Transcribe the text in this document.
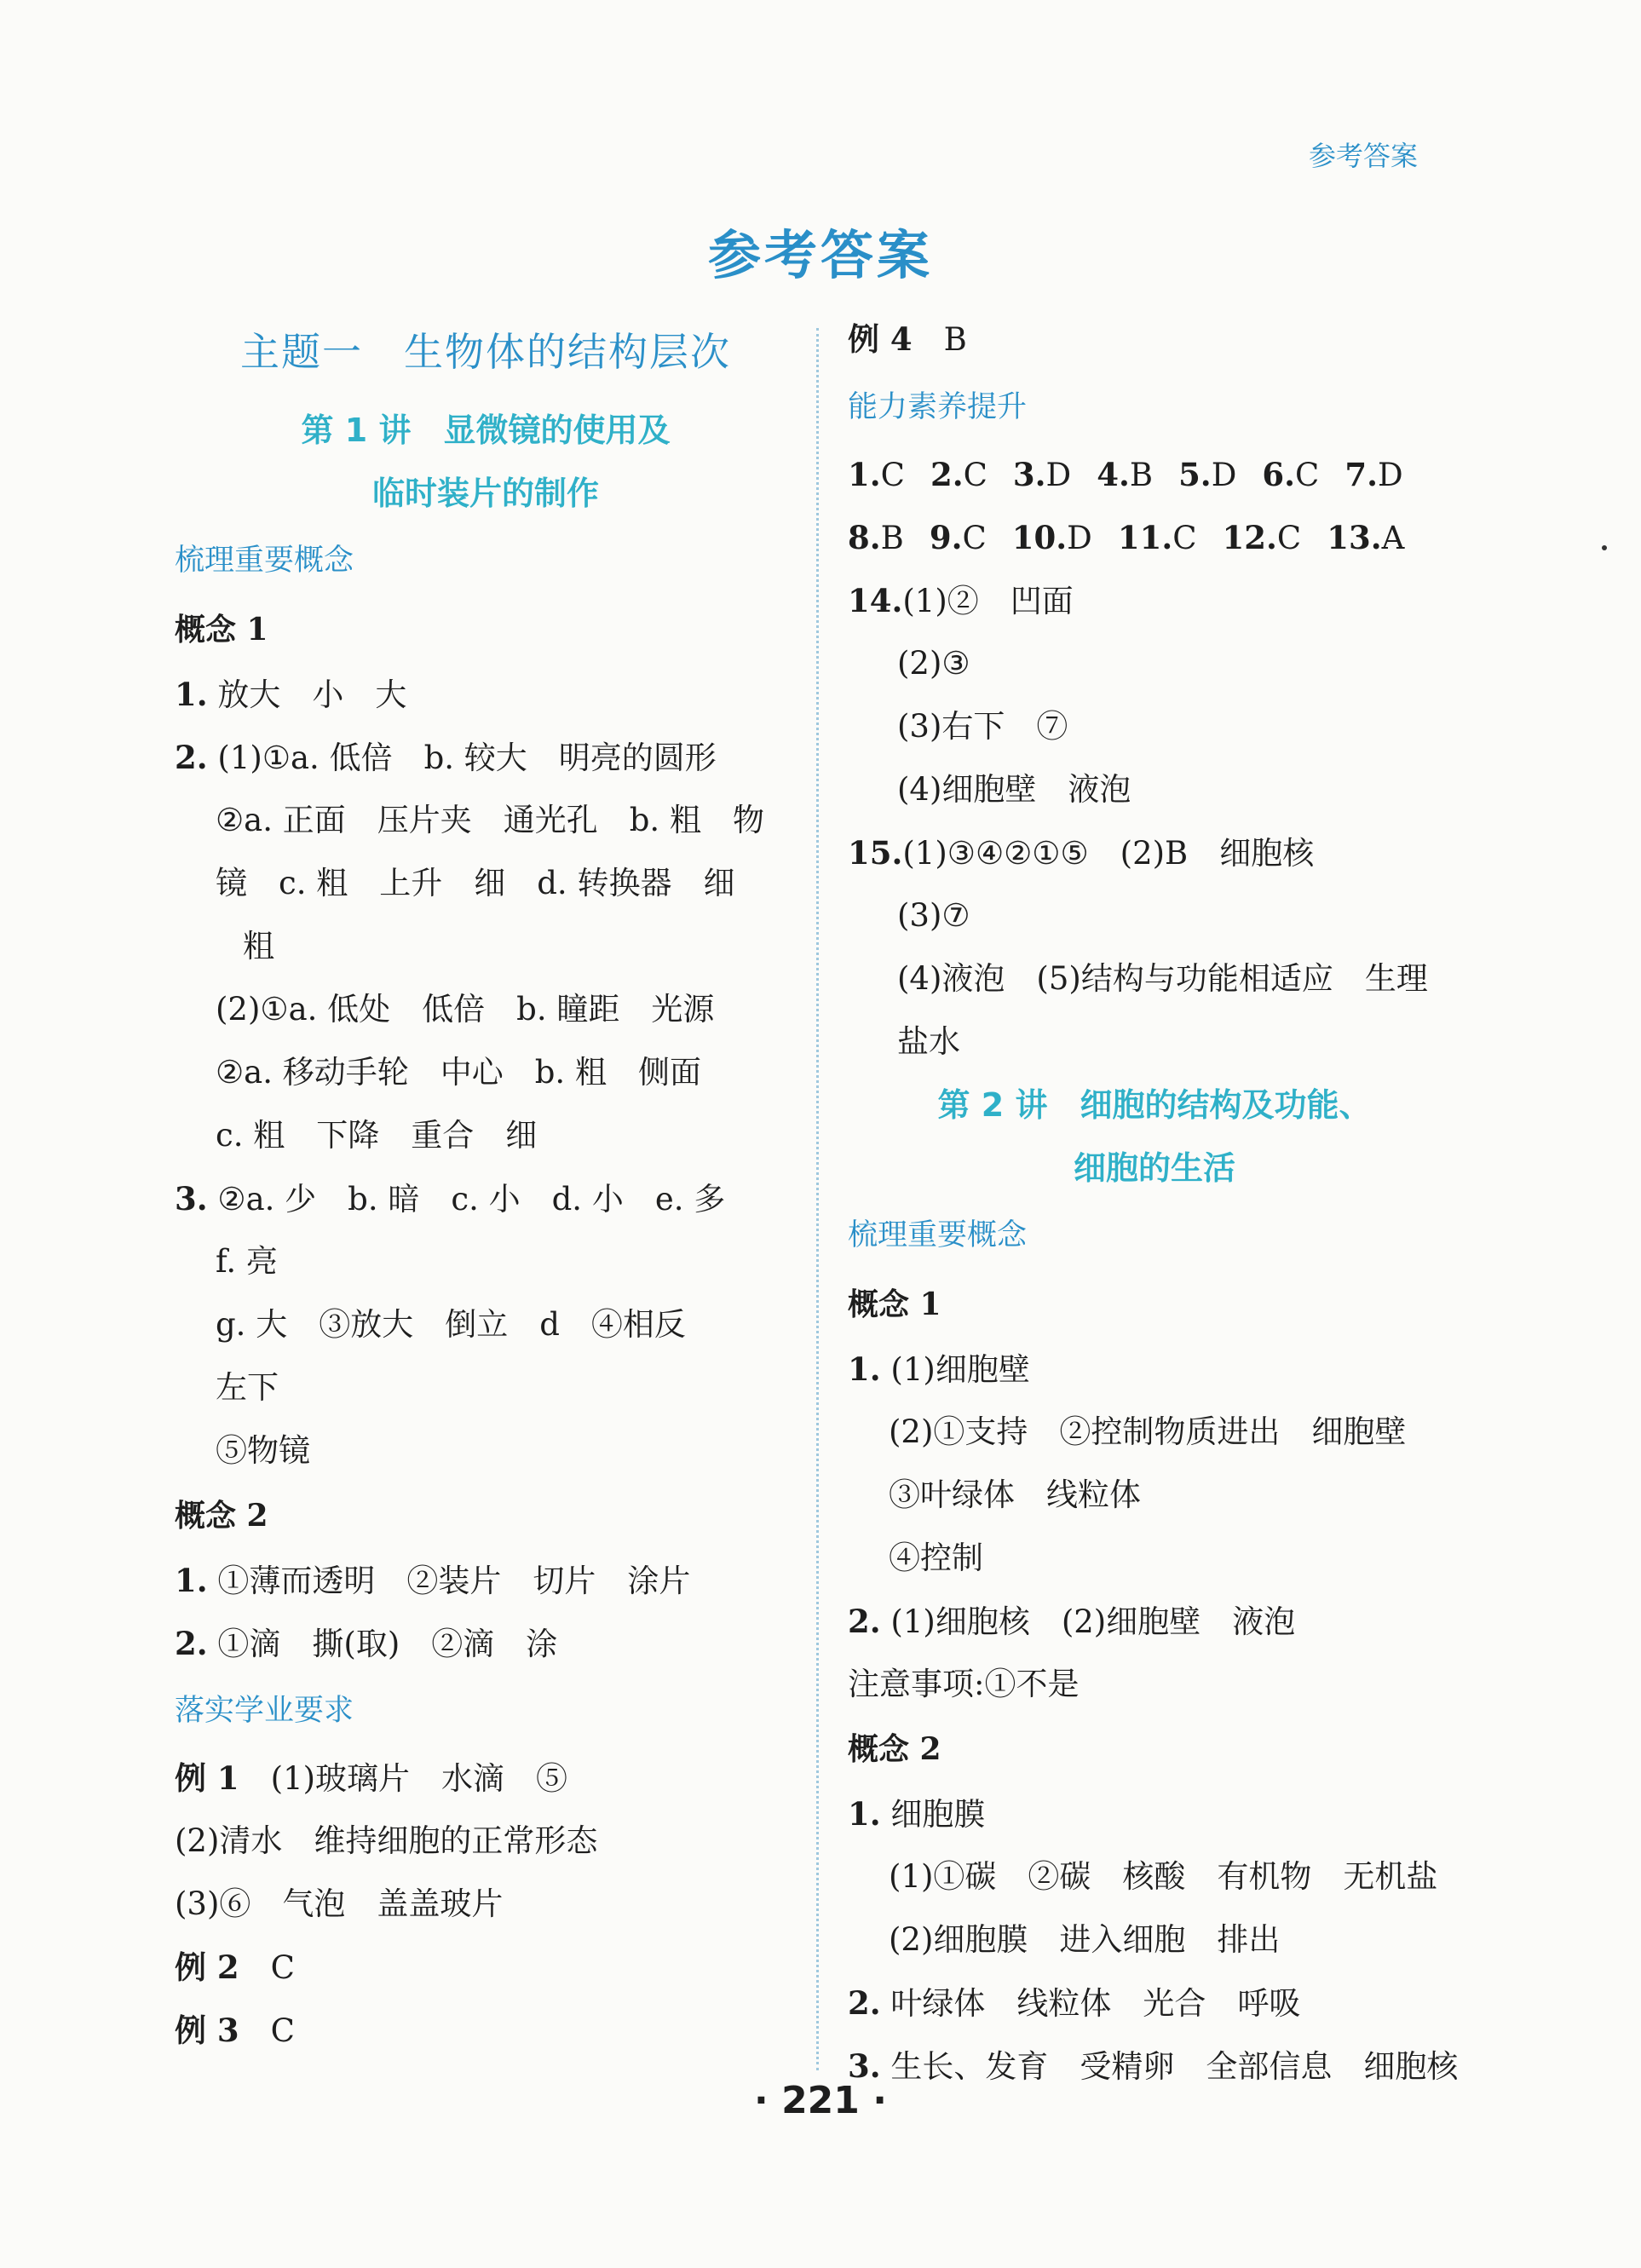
参考答案
参考答案
主题一　生物体的结构层次
第 1 讲　显微镜的使用及
临时装片的制作
梳理重要概念
概念 1
1. 放大　小　大
2. (1)①a. 低倍　b. 较大　明亮的圆形
②a. 正面　压片夹　通光孔　b. 粗　物
镜　c. 粗　上升　细　d. 转换器　细
粗
(2)①a. 低处　低倍　b. 瞳距　光源
②a. 移动手轮　中心　b. 粗　侧面
c. 粗　下降　重合　细
3. ②a. 少　b. 暗　c. 小　d. 小　e. 多
f. 亮
g. 大　③放大　倒立　d　④相反
左下
⑤物镜
概念 2
1. ①薄而透明　②装片　切片　涂片
2. ①滴　撕(取)　②滴　涂
落实学业要求
例 1　 (1)玻璃片　水滴　⑤
(2)清水　维持细胞的正常形态
(3)⑥　气泡　盖盖玻片
例 2　 C
例 3　 C
例 4　 B
能力素养提升
1.C 2.C 3.D 4.B 5.D 6.C 7.D
8.B 9.C 10.D 11.C 12.C 13.A
14.(1)②　凹面
(2)③
(3)右下　⑦
(4)细胞壁　液泡
15.(1)③④②①⑤　(2)B　细胞核
(3)⑦
(4)液泡　(5)结构与功能相适应　生理
盐水
第 2 讲　细胞的结构及功能、
细胞的生活
梳理重要概念
概念 1
1. (1)细胞壁
(2)①支持　②控制物质进出　细胞壁
③叶绿体　线粒体
④控制
2. (1)细胞核　(2)细胞壁　液泡
注意事项:①不是
概念 2
1. 细胞膜
(1)①碳　②碳　核酸　有机物　无机盐
(2)细胞膜　进入细胞　排出
2. 叶绿体　线粒体　光合　呼吸
3. 生长、发育　受精卵　全部信息　细胞核
· 221 ·
